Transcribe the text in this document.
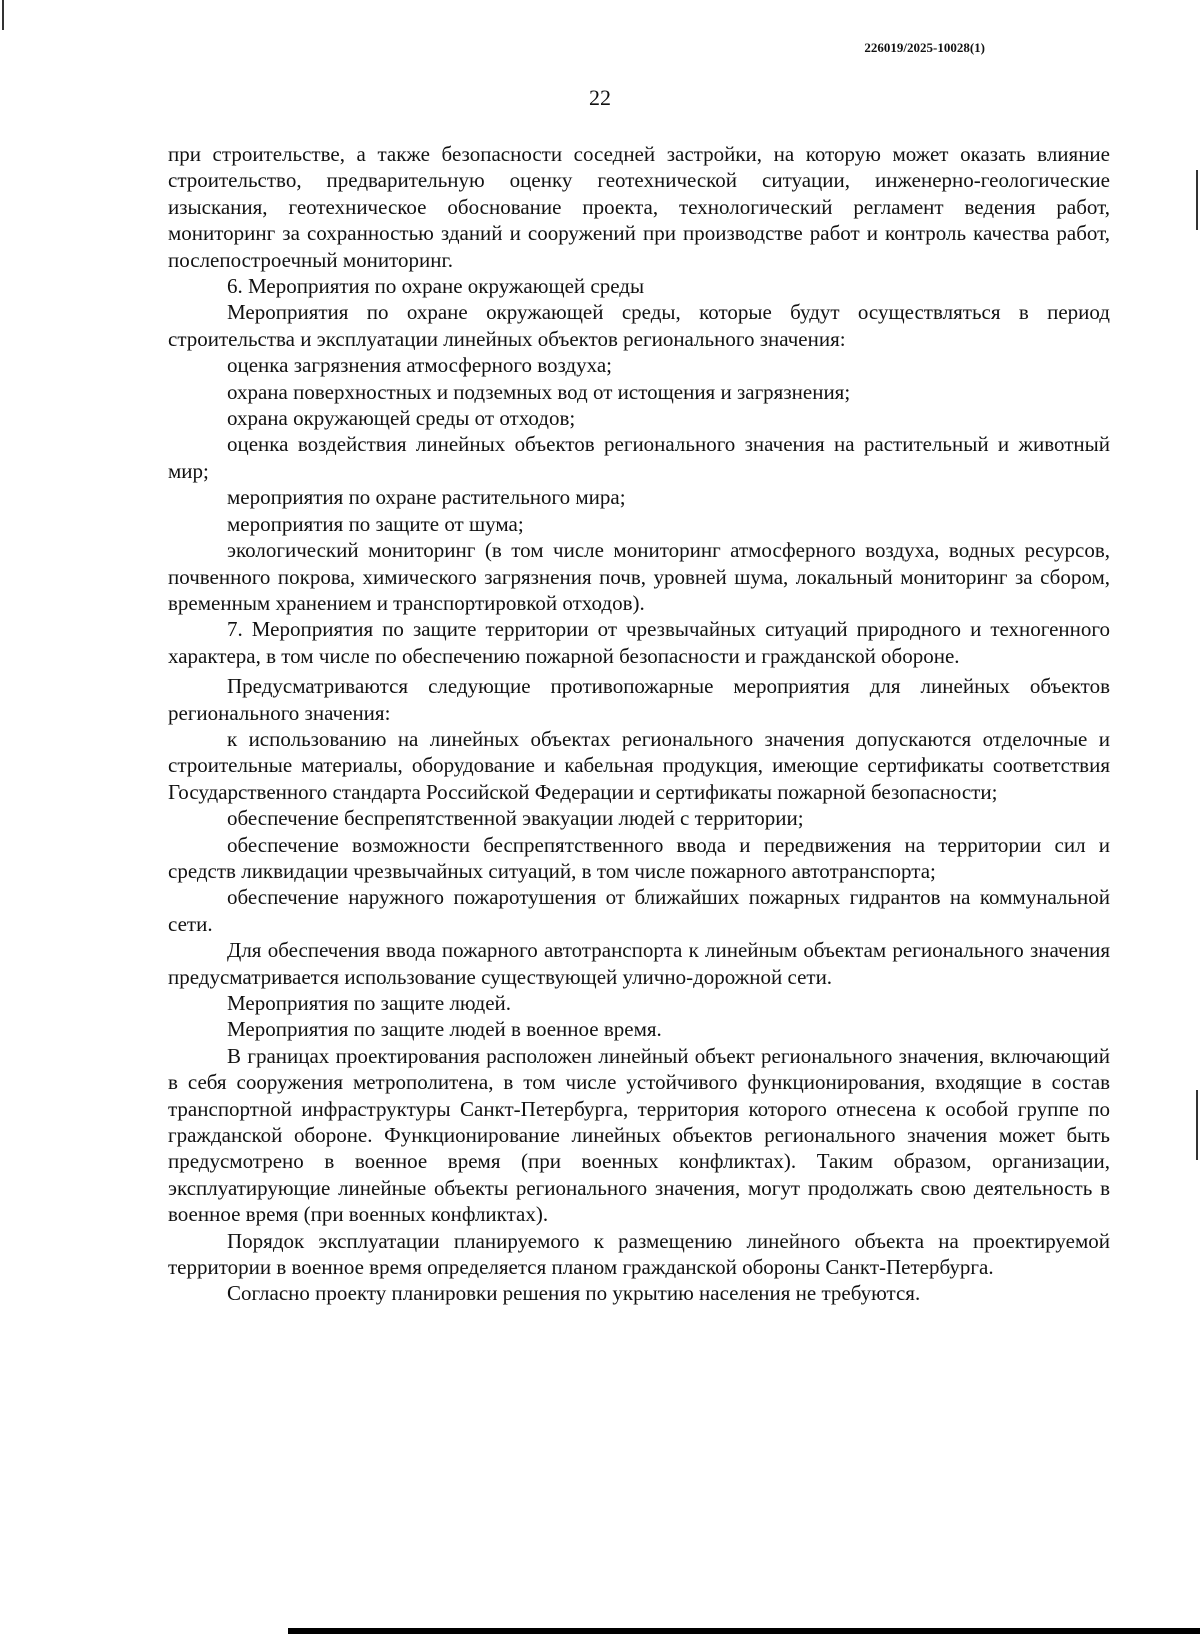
226019/2025-10028(1)
22

при строительстве, а также безопасности соседней застройки, на которую может оказать влияние строительство, предварительную оценку геотехнической ситуации, инженерно-геологические изыскания, геотехническое обоснование проекта, технологический регламент ведения работ, мониторинг за сохранностью зданий и сооружений при производстве работ и контроль качества работ, послепостроечный мониторинг.

6. Мероприятия по охране окружающей среды

Мероприятия по охране окружающей среды, которые будут осуществляться в период строительства и эксплуатации линейных объектов регионального значения:

оценка загрязнения атмосферного воздуха;

охрана поверхностных и подземных вод от истощения и загрязнения;

охрана окружающей среды от отходов;

оценка воздействия линейных объектов регионального значения на растительный и животный мир;

мероприятия по охране растительного мира;

мероприятия по защите от шума;

экологический мониторинг (в том числе мониторинг атмосферного воздуха, водных ресурсов, почвенного покрова, химического загрязнения почв, уровней шума, локальный мониторинг за сбором, временным хранением и транспортировкой отходов).

7. Мероприятия по защите территории от чрезвычайных ситуаций природного и техногенного характера, в том числе по обеспечению пожарной безопасности и гражданской обороне.

Предусматриваются следующие противопожарные мероприятия для линейных объектов регионального значения:

к использованию на линейных объектах регионального значения допускаются отделочные и строительные материалы, оборудование и кабельная продукция, имеющие сертификаты соответствия Государственного стандарта Российской Федерации и сертификаты пожарной безопасности;

обеспечение беспрепятственной эвакуации людей с территории;

обеспечение возможности беспрепятственного ввода и передвижения на территории сил и средств ликвидации чрезвычайных ситуаций, в том числе пожарного автотранспорта;

обеспечение наружного пожаротушения от ближайших пожарных гидрантов на коммунальной сети.

Для обеспечения ввода пожарного автотранспорта к линейным объектам регионального значения предусматривается использование существующей улично-дорожной сети.

Мероприятия по защите людей.

Мероприятия по защите людей в военное время.

В границах проектирования расположен линейный объект регионального значения, включающий в себя сооружения метрополитена, в том числе устойчивого функционирования, входящие в состав транспортной инфраструктуры Санкт-Петербурга, территория которого отнесена к особой группе по гражданской обороне. Функционирование линейных объектов регионального значения может быть предусмотрено в военное время (при военных конфликтах). Таким образом, организации, эксплуатирующие линейные объекты регионального значения, могут продолжать свою деятельность в военное время (при военных конфликтах).

Порядок эксплуатации планируемого к размещению линейного объекта на проектируемой территории в военное время определяется планом гражданской обороны Санкт-Петербурга.

Согласно проекту планировки решения по укрытию населения не требуются.
